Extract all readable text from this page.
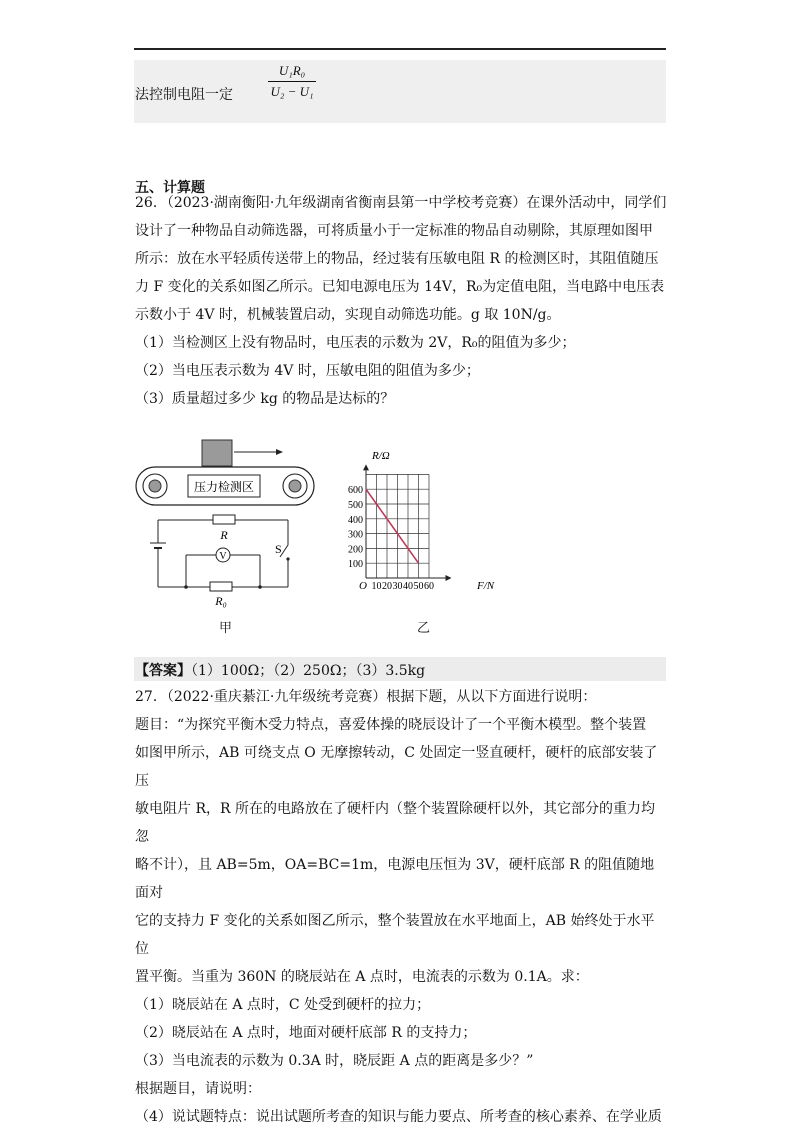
法控制电阻一定
U₁R₀
U₂ − U₁
五、计算题

26．（2023·湖南衡阳·九年级湖南省衡南县第一中学校考竞赛）在课外活动中，同学们

设计了一种物品自动筛选器，可将质量小于一定标准的物品自动剔除，其原理如图甲

所示：放在水平轻质传送带上的物品，经过装有压敏电阻 R 的检测区时，其阻值随压

力 F 变化的关系如图乙所示。已知电源电压为 14V，R₀为定值电阻，当电路中电压表

示数小于 4V 时，机械装置启动，实现自动筛选功能。g 取 10N/g。

（1）当检测区上没有物品时，电压表的示数为 2V，R₀的阻值为多少；

（2）当电压表示数为 4V 时，压敏电阻的阻值为多少；

（3）质量超过多少 kg 的物品是达标的？

压力检测区
R
S
R₀
V
甲
10 20 30 40 50 60
100
200
300
400
500
600
R/Ω
F/N
O
乙
【答案】（1）100Ω；（2）250Ω；（3）3.5kg

27．（2022·重庆綦江·九年级统考竞赛）根据下题，从以下方面进行说明：

题目：“为探究平衡木受力特点，喜爱体操的晓辰设计了一个平衡木模型。整个装置

如图甲所示，AB 可绕支点 O 无摩擦转动，C 处固定一竖直硬杆，硬杆的底部安装了压

敏电阻片 R，R 所在的电路放在了硬杆内（整个装置除硬杆以外，其它部分的重力均忽

略不计），且 AB=5m，OA=BC=1m，电源电压恒为 3V，硬杆底部 R 的阻值随地面对

它的支持力 F 变化的关系如图乙所示，整个装置放在水平地面上，AB 始终处于水平位

置平衡。当重为 360N 的晓辰站在 A 点时，电流表的示数为 0.1A。求：

（1）晓辰站在 A 点时，C 处受到硬杆的拉力；

（2）晓辰站在 A 点时，地面对硬杆底部 R 的支持力；

（3）当电流表的示数为 0.3A 时，晓辰距 A 点的距离是多少？”

根据题目，请说明：

（4）说试题特点：说出试题所考查的知识与能力要点、所考查的核心素养、在学业质
